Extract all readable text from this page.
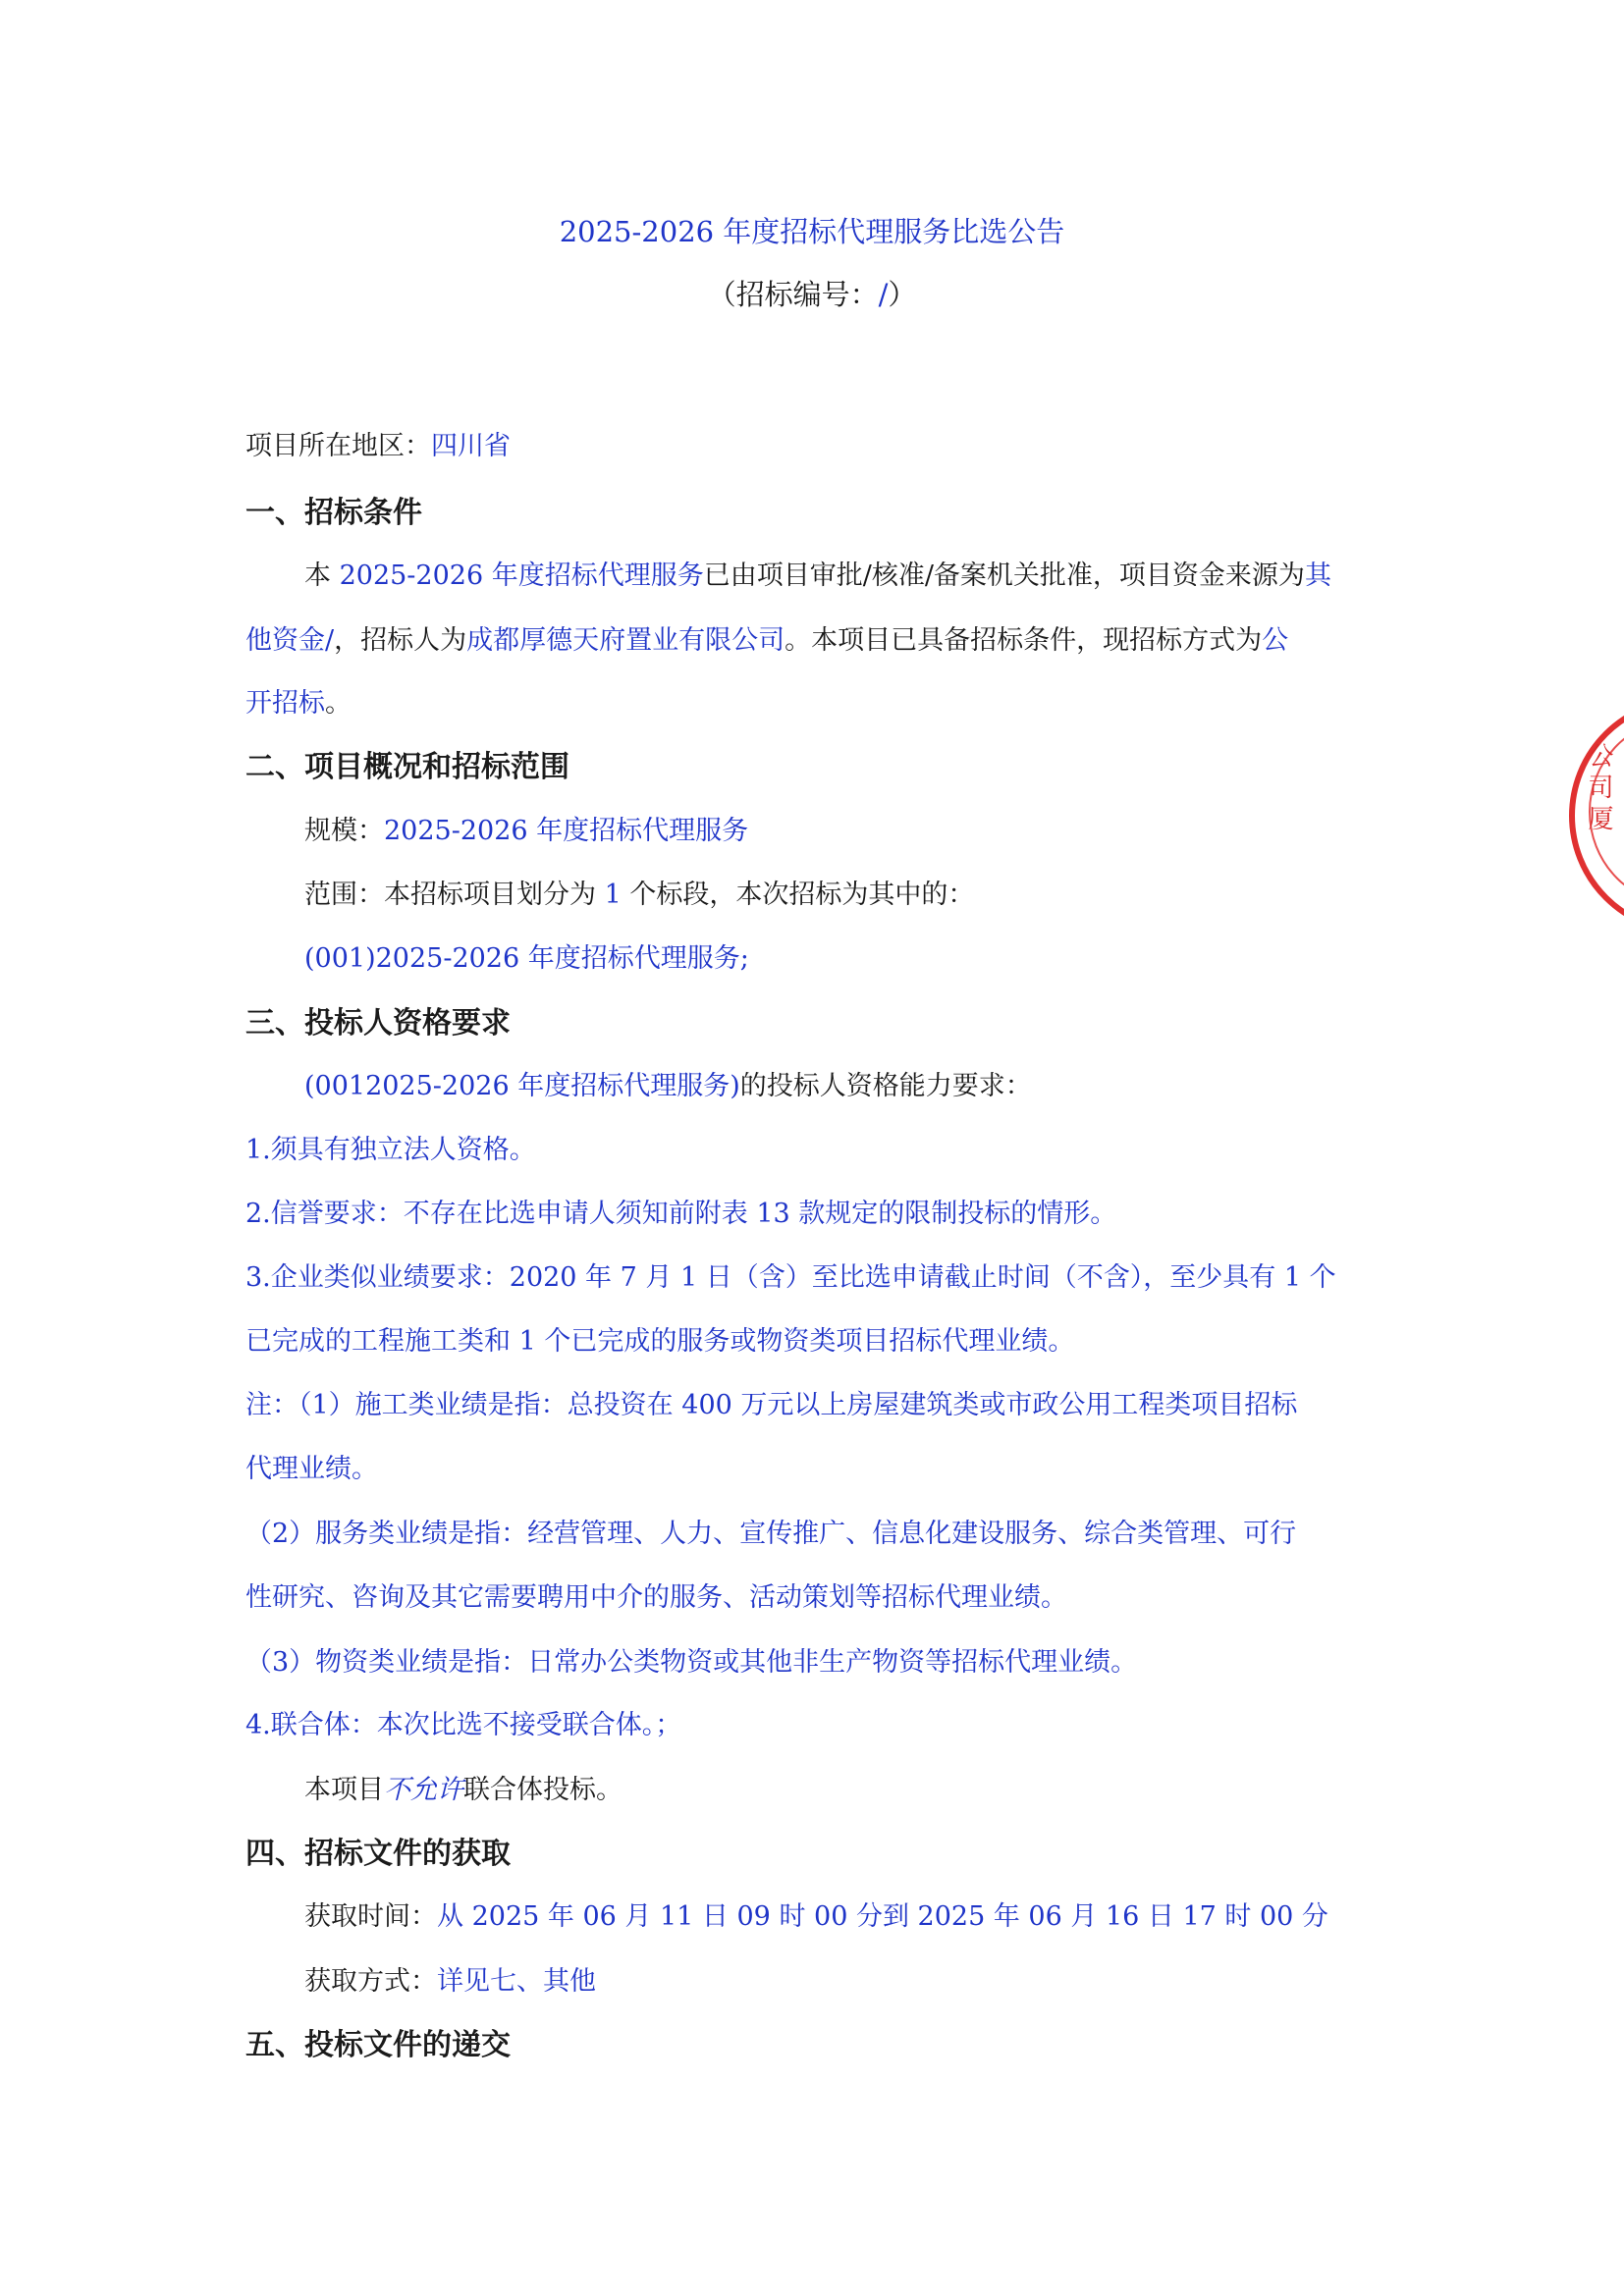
2025-2026 年度招标代理服务比选公告
（招标编号：/）
项目所在地区：四川省
一、招标条件
本 2025-2026 年度招标代理服务已由项目审批/核准/备案机关批准，项目资金来源为其
他资金/，招标人为成都厚德天府置业有限公司。本项目已具备招标条件，现招标方式为公
开招标。
二、项目概况和招标范围
规模：2025-2026 年度招标代理服务
范围：本招标项目划分为 1 个标段，本次招标为其中的：
(001)2025-2026 年度招标代理服务;
三、投标人资格要求
(0012025-2026 年度招标代理服务)的投标人资格能力要求：
1.须具有独立法人资格。
2.信誉要求：不存在比选申请人须知前附表 13 款规定的限制投标的情形。
3.企业类似业绩要求：2020 年 7 月 1 日（含）至比选申请截止时间（不含），至少具有 1 个
已完成的工程施工类和 1 个已完成的服务或物资类项目招标代理业绩。
注：（1）施工类业绩是指：总投资在 400 万元以上房屋建筑类或市政公用工程类项目招标
代理业绩。
（2）服务类业绩是指：经营管理、人力、宣传推广、信息化建设服务、综合类管理、可行
性研究、咨询及其它需要聘用中介的服务、活动策划等招标代理业绩。
（3）物资类业绩是指：日常办公类物资或其他非生产物资等招标代理业绩。
4.联合体：本次比选不接受联合体。；
本项目不允许联合体投标。
四、招标文件的获取
获取时间：从 2025 年 06 月 11 日 09 时 00 分到 2025 年 06 月 16 日 17 时 00 分
获取方式：详见七、其他
五、投标文件的递交
公司厦
